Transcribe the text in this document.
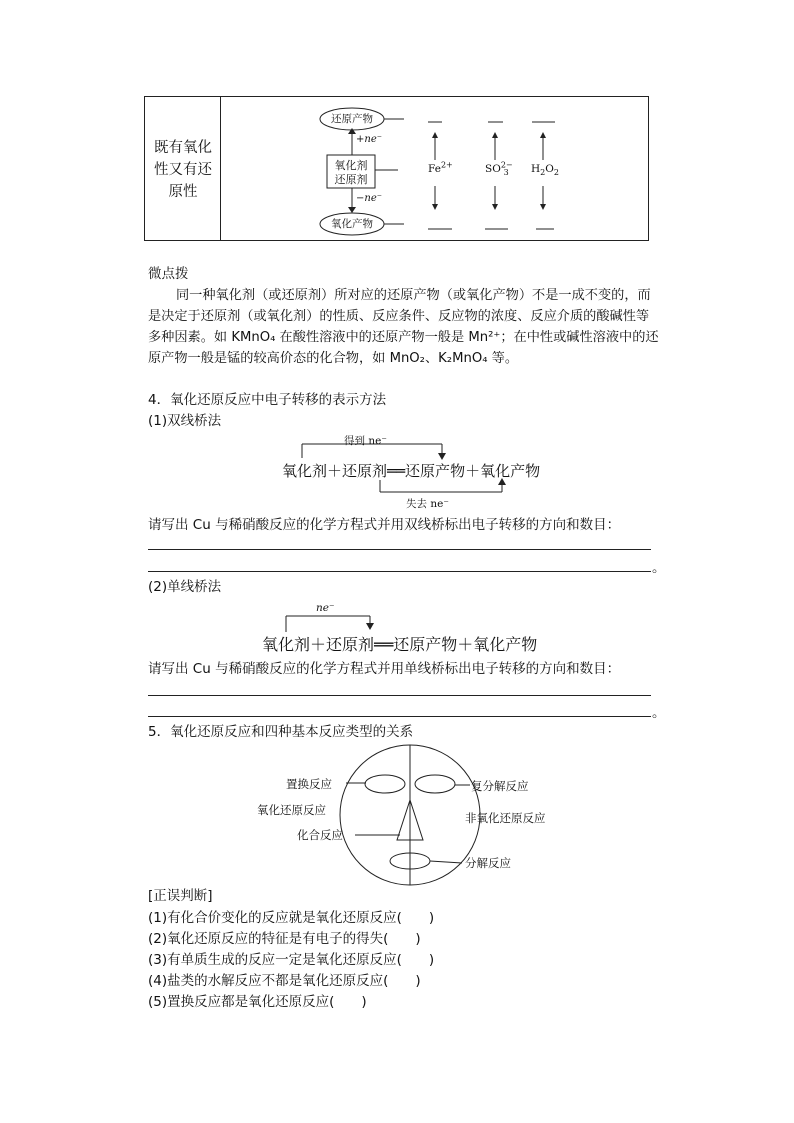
既有氧化性又有还原性
还原产物
+ne⁻
氧化剂
还原剂
−ne⁻
氧化产物
$Fe^{2+}$	$SO^{2-}_3$ $H_2O_2$
微点拨
同一种氧化剂（或还原剂）所对应的还原产物（或氧化产物）不是一成不变的，而是决定于还原剂（或氧化剂）的性质、反应条件、反应物的浓度、反应介质的酸碱性等多种因素。如 KMnO₄ 在酸性溶液中的还原产物一般是 Mn²⁺；在中性或碱性溶液中的还原产物一般是锰的较高价态的化合物，如 MnO₂、K₂MnO₄ 等。
4．氧化还原反应中电子转移的表示方法
(1)双线桥法
得到 ne⁻
氧化剂＋还原剂══还原产物＋氧化产物
失去 ne⁻
请写出 Cu 与稀硝酸反应的化学方程式并用双线桥标出电子转移的方向和数目：
。
(2)单线桥法
ne⁻
氧化剂＋还原剂══还原产物＋氧化产物
请写出 Cu 与稀硝酸反应的化学方程式并用单线桥标出电子转移的方向和数目：
。
5．氧化还原反应和四种基本反应类型的关系
置换反应
氧化还原反应
化合反应
复分解反应
非氧化还原反应
分解反应
[正误判断]
(1)有化合价变化的反应就是氧化还原反应(　　)
(2)氧化还原反应的特征是有电子的得失(　　)
(3)有单质生成的反应一定是氧化还原反应(　　)
(4)盐类的水解反应不都是氧化还原反应(　　)
(5)置换反应都是氧化还原反应(　　)
